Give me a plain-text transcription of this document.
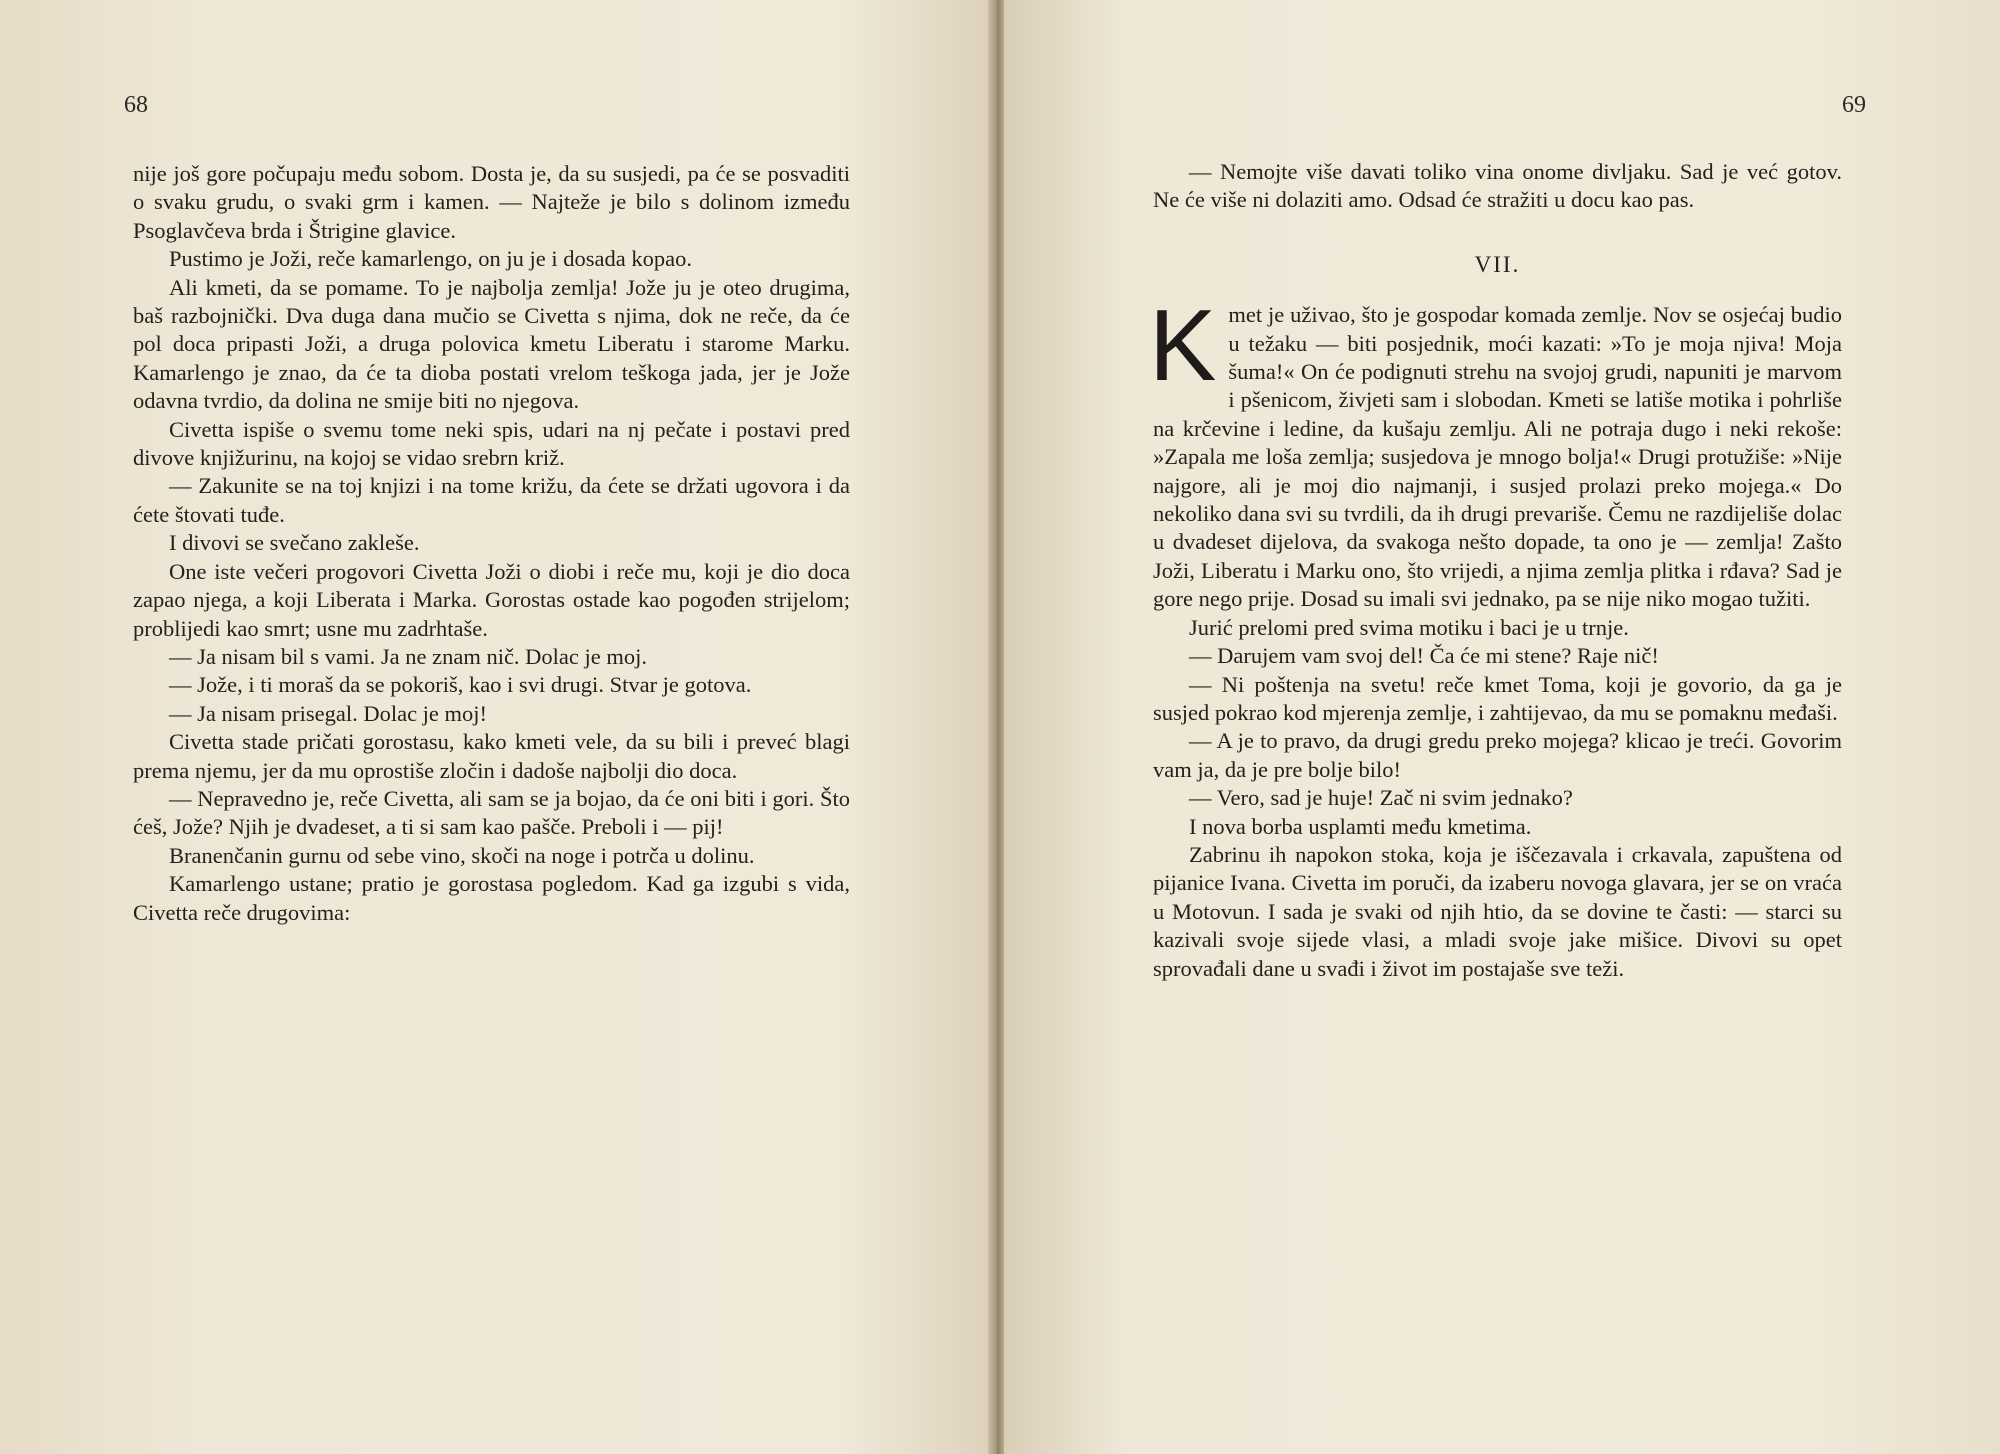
68

nije još gore počupaju među sobom. Dosta je, da su susjedi, pa će se posvaditi o svaku grudu, o svaki grm i kamen. — Najteže je bilo s dolinom između Psoglavčeva brda i Štrigine glavice.

Pustimo je Joži, reče kamarlengo, on ju je i dosada kopao.

Ali kmeti, da se pomame. To je najbolja zemlja! Jože ju je oteo drugima, baš razbojnički. Dva duga dana mučio se Civetta s njima, dok ne reče, da će pol doca pripasti Joži, a druga polovica kmetu Liberatu i starome Marku. Kamarlengo je znao, da će ta dioba postati vrelom teškoga jada, jer je Jože odavna tvrdio, da dolina ne smije biti no njegova.

Civetta ispiše o svemu tome neki spis, udari na nj pečate i postavi pred divove knjižurinu, na kojoj se vidao srebrn križ.

— Zakunite se na toj knjizi i na tome križu, da ćete se držati ugovora i da ćete štovati tuđe.

I divovi se svečano zakleše.

One iste večeri progovori Civetta Joži o diobi i reče mu, koji je dio doca zapao njega, a koji Liberata i Marka. Gorostas ostade kao pogođen strijelom; problijedi kao smrt; usne mu zadrhtaše.

— Ja nisam bil s vami. Ja ne znam nič. Dolac je moj.

— Jože, i ti moraš da se pokoriš, kao i svi drugi. Stvar je gotova.

— Ja nisam prisegal. Dolac je moj!

Civetta stade pričati gorostasu, kako kmeti vele, da su bili i preveć blagi prema njemu, jer da mu oprostiše zločin i dadoše najbolji dio doca.

— Nepravedno je, reče Civetta, ali sam se ja bojao, da će oni biti i gori. Što ćeš, Jože? Njih je dvadeset, a ti si sam kao pašče. Preboli i — pij!

Branenčanin gurnu od sebe vino, skoči na noge i potrča u dolinu.

Kamarlengo ustane; pratio je gorostasa pogledom. Kad ga izgubi s vida, Civetta reče drugovima:

69

— Nemojte više davati toliko vina onome divljaku. Sad je već gotov. Ne će više ni dolaziti amo. Odsad će stražiti u docu kao pas.

VII.

Kmet je uživao, što je gospodar komada zemlje. Nov se osjećaj budio u težaku — biti posjednik, moći kazati: »To je moja njiva! Moja šuma!« On će podignuti strehu na svojoj grudi, napuniti je marvom i pšenicom, živjeti sam i slobodan. Kmeti se latiše motika i pohrliše na krčevine i ledine, da kušaju zemlju. Ali ne potraja dugo i neki rekoše: »Zapala me loša zemlja; susjedova je mnogo bolja!« Drugi protužiše: »Nije najgore, ali je moj dio najmanji, i susjed prolazi preko mojega.« Do nekoliko dana svi su tvrdili, da ih drugi prevariše. Čemu ne razdijeliše dolac u dvadeset dijelova, da svakoga nešto dopade, ta ono je — zemlja! Zašto Joži, Liberatu i Marku ono, što vrijedi, a njima zemlja plitka i rđava? Sad je gore nego prije. Dosad su imali svi jednako, pa se nije niko mogao tužiti.

Jurić prelomi pred svima motiku i baci je u trnje.

— Darujem vam svoj del! Ča će mi stene? Raje nič!

— Ni poštenja na svetu! reče kmet Toma, koji je govorio, da ga je susjed pokrao kod mjerenja zemlje, i zahtijevao, da mu se pomaknu međaši.

— A je to pravo, da drugi gredu preko mojega? klicao je treći. Govorim vam ja, da je pre bolje bilo!

— Vero, sad je huje! Zač ni svim jednako?

I nova borba usplamti među kmetima.

Zabrinu ih napokon stoka, koja je iščezavala i crkavala, zapuštena od pijanice Ivana. Civetta im poruči, da izaberu novoga glavara, jer se on vraća u Motovun. I sada je svaki od njih htio, da se dovine te časti: — starci su kazivali svoje sijede vlasi, a mladi svoje jake mišice. Divovi su opet sprovađali dane u svađi i život im postajaše sve teži.
